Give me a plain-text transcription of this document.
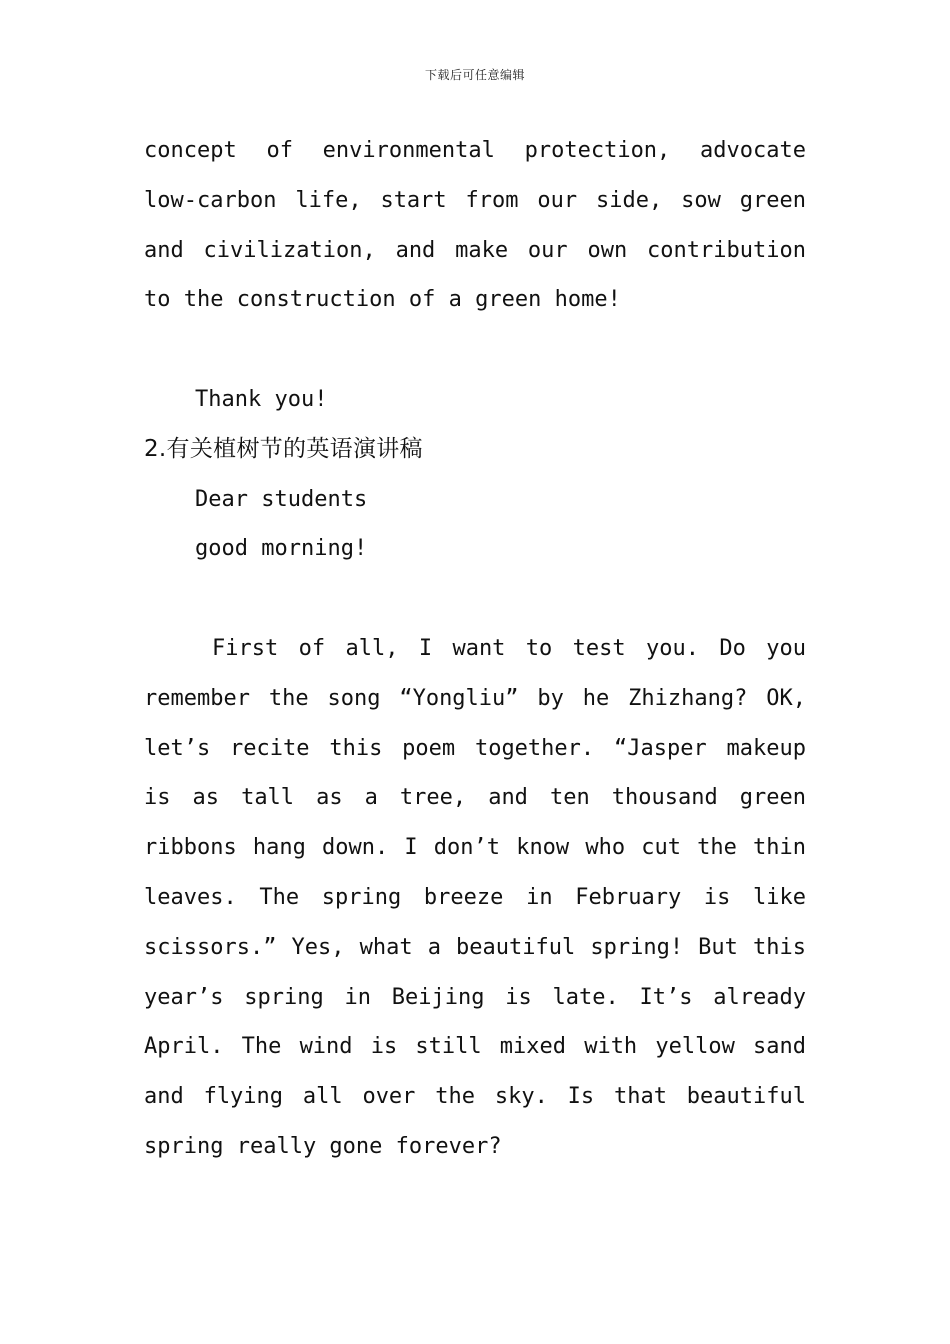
下载后可任意编辑

concept of environmental protection, advocate low-carbon life, start from our side, sow green and civilization, and make our own contribution to the construction of a green home!

Thank you!

2.有关植树节的英语演讲稿

Dear students

good morning!

First of all, I want to test you. Do you remember the song “Yongliu” by he Zhizhang? OK, let’s recite this poem together. “Jasper makeup is as tall as a tree, and ten thousand green ribbons hang down. I don’t know who cut the thin leaves. The spring breeze in February is like scissors.” Yes, what a beautiful spring! But this year’s spring in Beijing is late. It’s already April. The wind is still mixed with yellow sand and flying all over the sky. Is that beautiful spring really gone forever?
